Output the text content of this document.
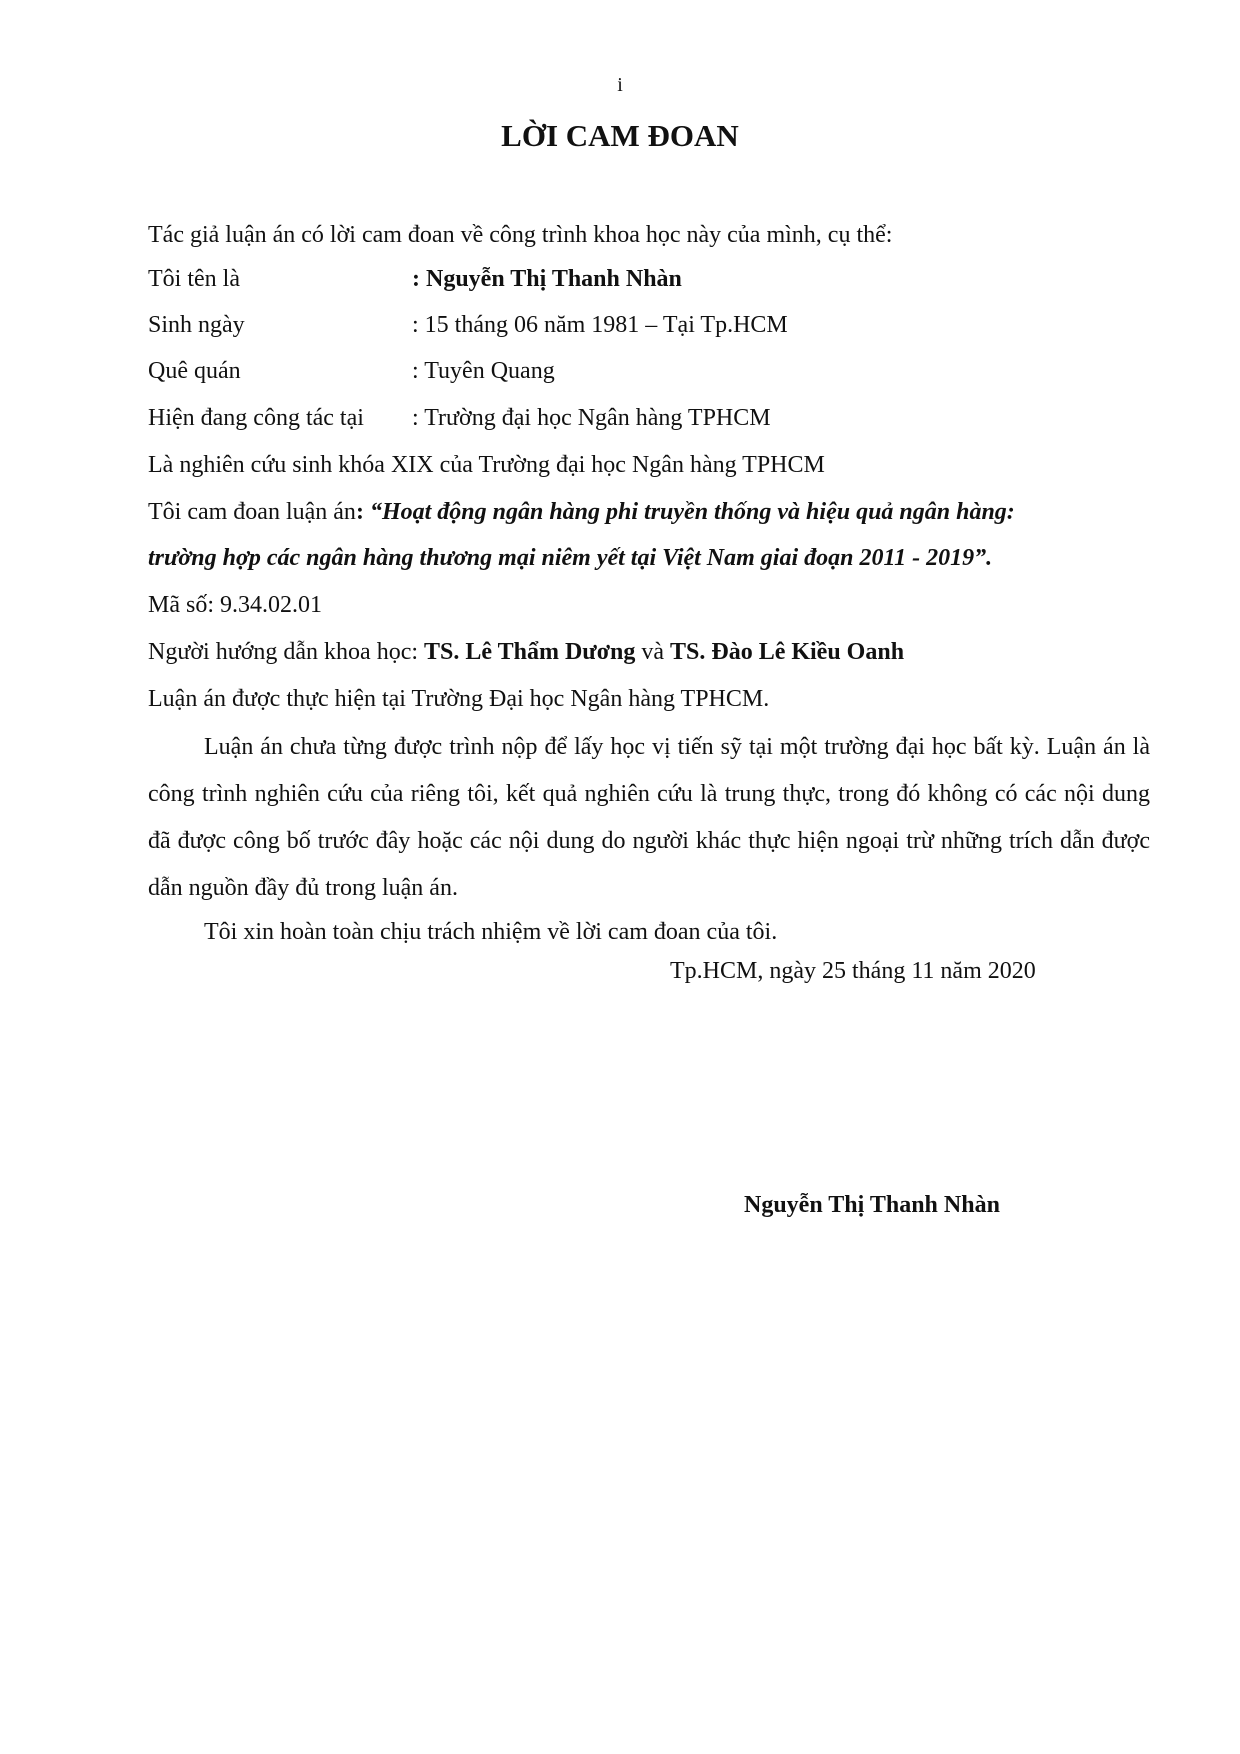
i
LỜI CAM ĐOAN
Tác giả luận án có lời cam đoan về công trình khoa học này của mình, cụ thể:
Tôi tên là	: Nguyễn Thị Thanh Nhàn
Sinh ngày	: 15 tháng 06 năm 1981 – Tại Tp.HCM
Quê quán	: Tuyên Quang
Hiện đang công tác tại : Trường đại học Ngân hàng TPHCM
Là nghiên cứu sinh khóa XIX của Trường đại học Ngân hàng TPHCM
Tôi cam đoan luận án: “Hoạt động ngân hàng phi truyền thống và hiệu quả ngân hàng:
trường hợp các ngân hàng thương mại niêm yết tại Việt Nam giai đoạn 2011 - 2019”.
Mã số: 9.34.02.01
Người hướng dẫn khoa học: TS. Lê Thẩm Dương và TS. Đào Lê Kiều Oanh
Luận án được thực hiện tại Trường Đại học Ngân hàng TPHCM.
Luận án chưa từng được trình nộp để lấy học vị tiến sỹ tại một trường đại học bất kỳ. Luận án là công trình nghiên cứu của riêng tôi, kết quả nghiên cứu là trung thực, trong đó không có các nội dung đã được công bố trước đây hoặc các nội dung do người khác thực hiện ngoại trừ những trích dẫn được dẫn nguồn đầy đủ trong luận án.
Tôi xin hoàn toàn chịu trách nhiệm về lời cam đoan của tôi.
Tp.HCM, ngày 25 tháng 11 năm 2020
Nguyễn Thị Thanh Nhàn
